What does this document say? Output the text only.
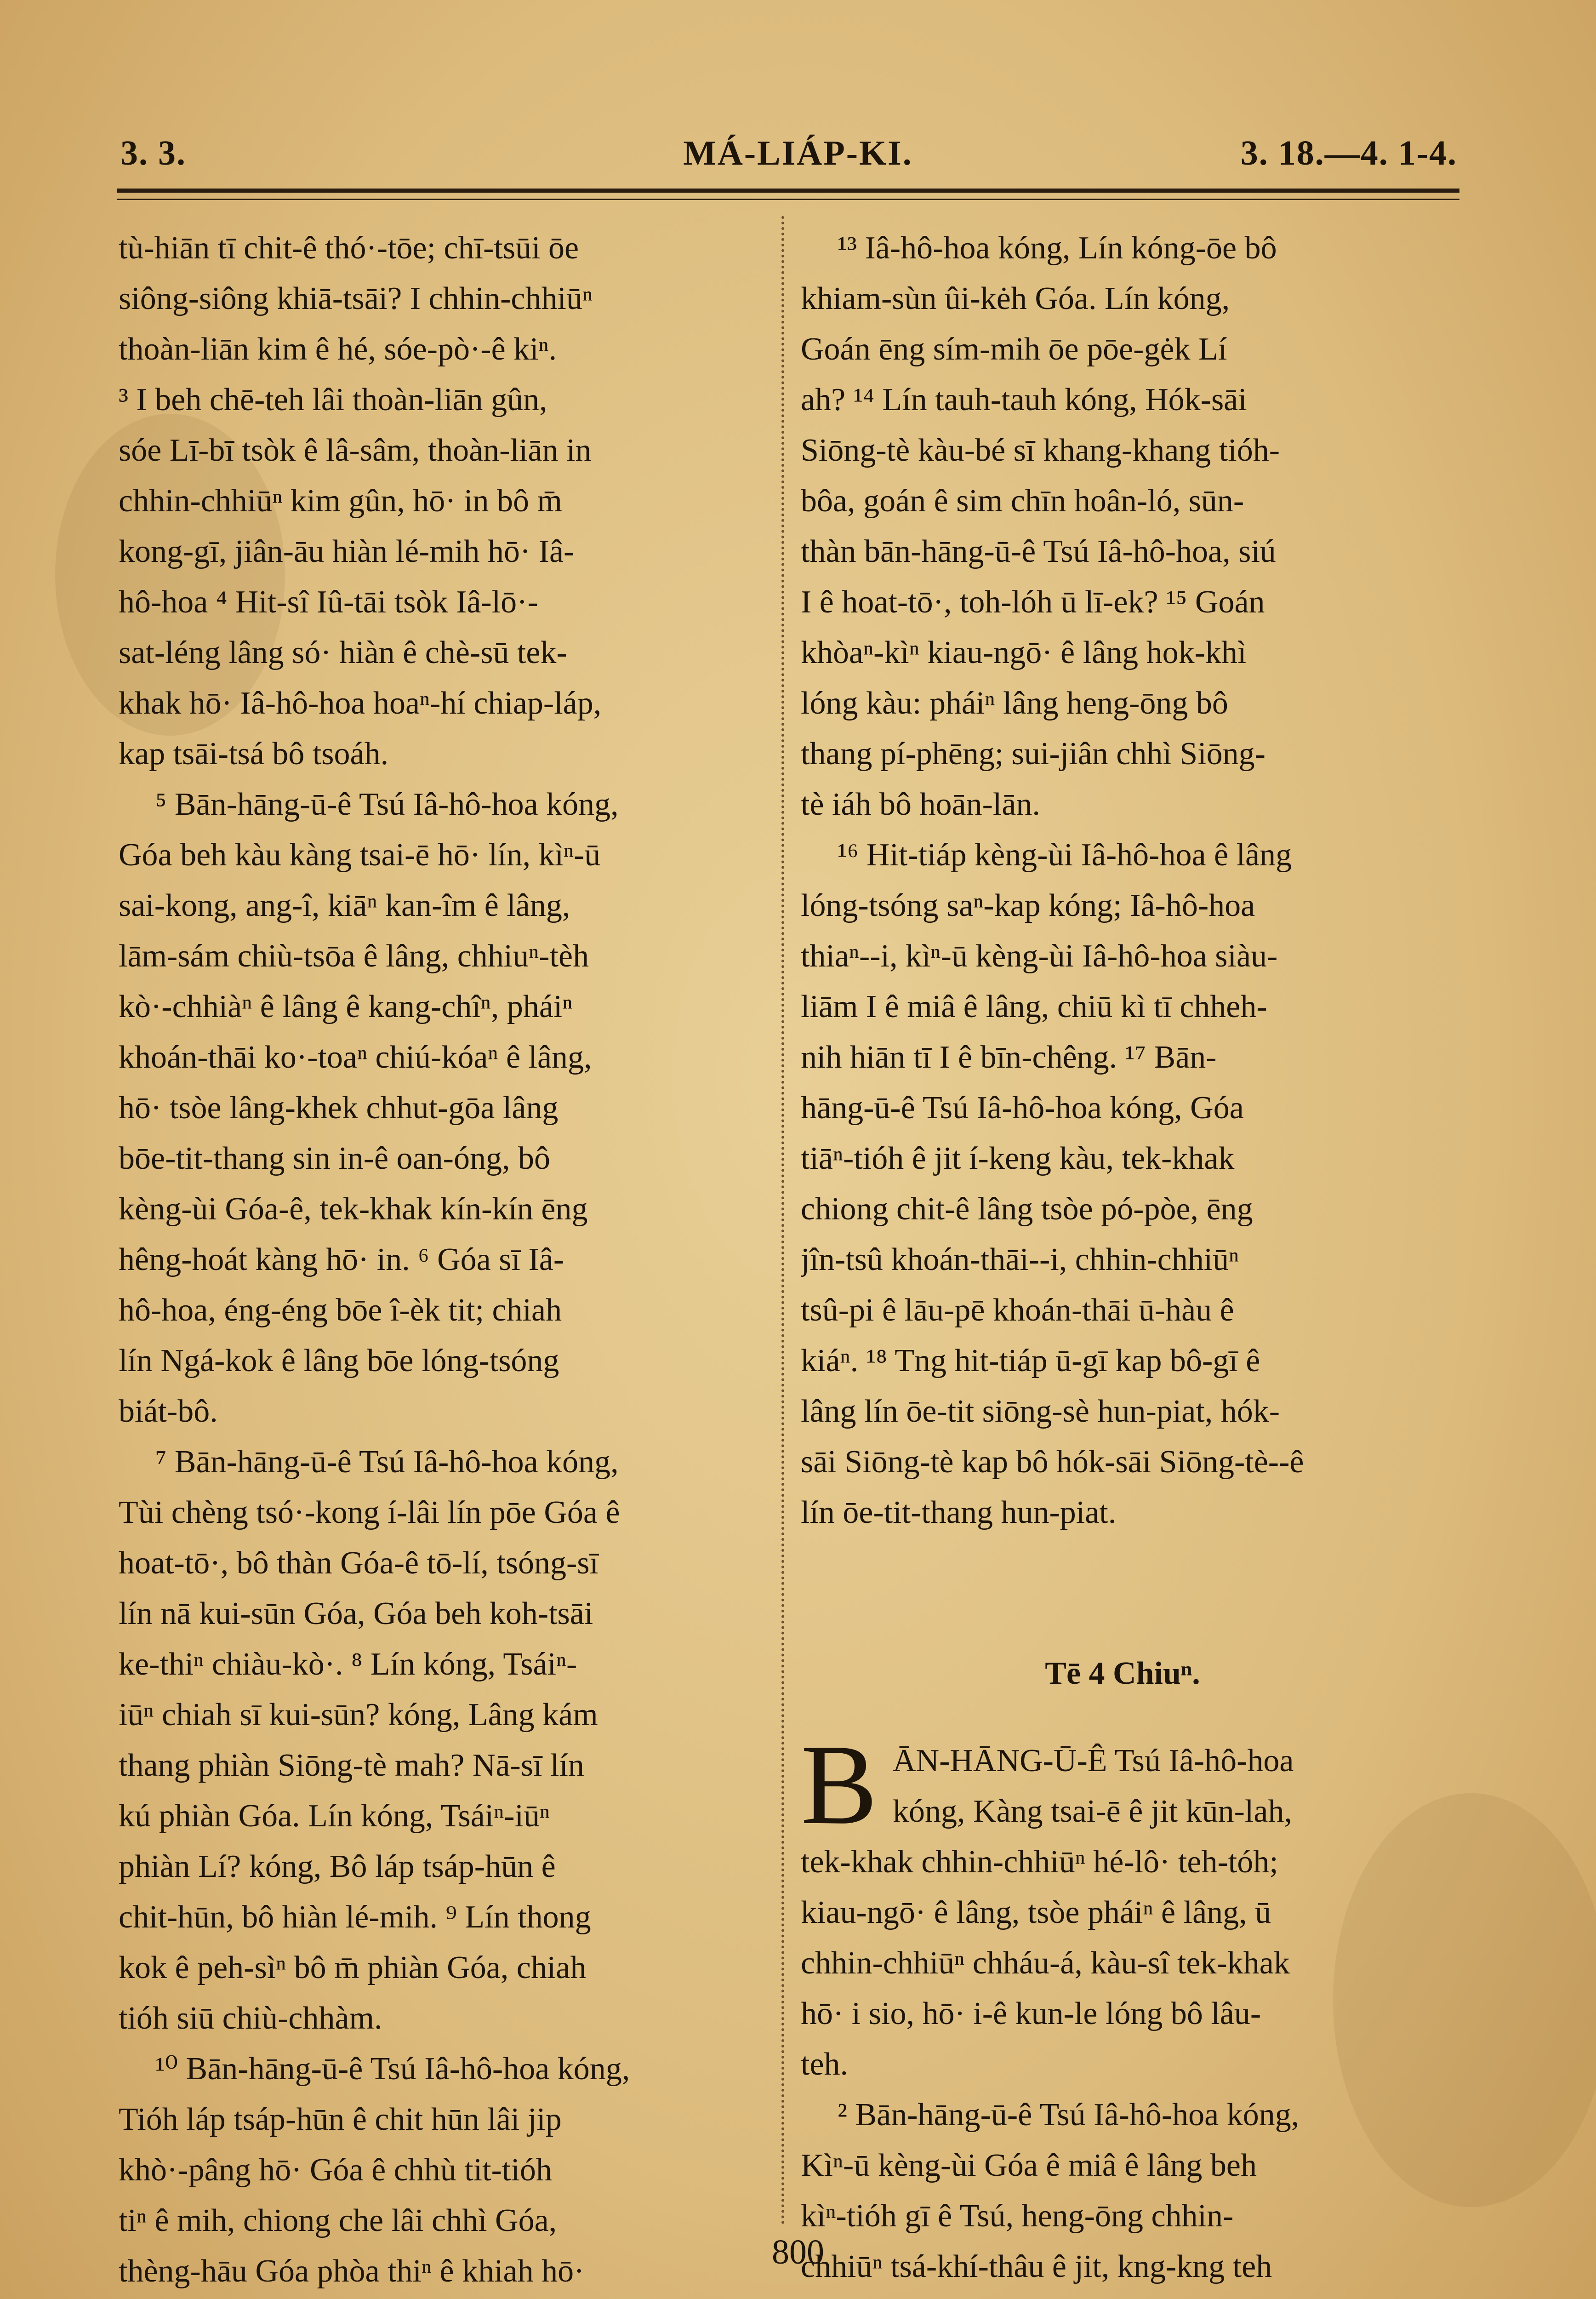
3. 3.	MÁ-LIÁP-KI.	3. 18.—4. 1-4.
tù-hiān tī chit-ê thó·-tōe; chī-tsūi ōe
siông-siông khiā-tsāi? I chhin-chhiūⁿ
thoàn-liān kim ê hé, sóe-pò·-ê kiⁿ.
³ I beh chē-teh lâi thoàn-liān gûn,
sóe Lī-bī tsòk ê lâ-sâm, thoàn-liān in
chhin-chhiūⁿ kim gûn, hō· in bô m̄
kong-gī, jiân-āu hiàn lé-mih hō· Iâ-
hô-hoa ⁴ Hit-sî Iû-tāi tsòk Iâ-lō·-
sat-léng lâng só· hiàn ê chè-sū tek-
khak hō· Iâ-hô-hoa hoaⁿ-hí chiap-láp,
kap tsāi-tsá bô tsoáh.
⁵ Bān-hāng-ū-ê Tsú Iâ-hô-hoa kóng,
Góa beh kàu kàng tsai-ē hō· lín, kìⁿ-ū
sai-kong, ang-î, kiāⁿ kan-îm ê lâng,
lām-sám chiù-tsōa ê lâng, chhiuⁿ-tèh
kò·-chhiàⁿ ê lâng ê kang-chîⁿ, pháiⁿ
khoán-thāi ko·-toaⁿ chiú-kóaⁿ ê lâng,
hō· tsòe lâng-khek chhut-gōa lâng
bōe-tit-thang sin in-ê oan-óng, bô
kèng-ùi Góa-ê, tek-khak kín-kín ēng
hêng-hoát kàng hō· in. ⁶ Góa sī Iâ-
hô-hoa, éng-éng bōe î-èk tit; chiah
lín Ngá-kok ê lâng bōe lóng-tsóng
biát-bô.
⁷ Bān-hāng-ū-ê Tsú Iâ-hô-hoa kóng,
Tùi chèng tsó·-kong í-lâi lín pōe Góa ê
hoat-tō·, bô thàn Góa-ê tō-lí, tsóng-sī
lín nā kui-sūn Góa, Góa beh koh-tsāi
ke-thiⁿ chiàu-kò·. ⁸ Lín kóng, Tsáiⁿ-
iūⁿ chiah sī kui-sūn? kóng, Lâng kám
thang phiàn Siōng-tè mah? Nā-sī lín
kú phiàn Góa. Lín kóng, Tsáiⁿ-iūⁿ
phiàn Lí? kóng, Bô láp tsáp-hūn ê
chit-hūn, bô hiàn lé-mih. ⁹ Lín thong
kok ê peh-sìⁿ bô m̄ phiàn Góa, chiah
tióh siū chiù-chhàm.
¹⁰ Bān-hāng-ū-ê Tsú Iâ-hô-hoa kóng,
Tióh láp tsáp-hūn ê chit hūn lâi jip
khò·-pâng hō· Góa ê chhù tit-tióh
tiⁿ ê mih, chiong che lâi chhì Góa,
thèng-hāu Góa phòa thiⁿ ê khiah hō·
¹³ Iâ-hô-hoa kóng, Lín kóng-ōe bô
khiam-sùn ûi-kėh Góa. Lín kóng,
Goán ēng sím-mih ōe pōe-gėk Lí
ah? ¹⁴ Lín tauh-tauh kóng, Hók-sāi
Siōng-tè kàu-bé sī khang-khang tióh-
bôa, goán ê sim chīn hoân-ló, sūn-
thàn bān-hāng-ū-ê Tsú Iâ-hô-hoa, siú
I ê hoat-tō·, toh-lóh ū lī-ek? ¹⁵ Goán
khòaⁿ-kìⁿ kiau-ngō· ê lâng hok-khì
lóng kàu: pháiⁿ lâng heng-ōng bô
thang pí-phēng; sui-jiân chhì Siōng-
tè iáh bô hoān-lān.
¹⁶ Hit-tiáp kèng-ùi Iâ-hô-hoa ê lâng
lóng-tsóng saⁿ-kap kóng; Iâ-hô-hoa
thiaⁿ--i, kìⁿ-ū kèng-ùi Iâ-hô-hoa siàu-
liām I ê miâ ê lâng, chiū kì tī chheh-
nih hiān tī I ê bīn-chêng. ¹⁷ Bān-
hāng-ū-ê Tsú Iâ-hô-hoa kóng, Góa
tiāⁿ-tióh ê jit í-keng kàu, tek-khak
chiong chit-ê lâng tsòe pó-pòe, ēng
jîn-tsû khoán-thāi--i, chhin-chhiūⁿ
tsû-pi ê lāu-pē khoán-thāi ū-hàu ê
kiáⁿ. ¹⁸ Tng hit-tiáp ū-gī kap bô-gī ê
lâng lín ōe-tit siōng-sè hun-piat, hók-
sāi Siōng-tè kap bô hók-sāi Siōng-tè--ê
lín ōe-tit-thang hun-piat.
Tē 4 Chiuⁿ.
B ĀN-HĀNG-Ū-Ê Tsú Iâ-hô-hoa
kóng, Kàng tsai-ē ê jit kūn-lah,
tek-khak chhin-chhiūⁿ hé-lô· teh-tóh;
kiau-ngō· ê lâng, tsòe pháiⁿ ê lâng, ū
chhin-chhiūⁿ chháu-á, kàu-sî tek-khak
hō· i sio, hō· i-ê kun-le lóng bô lâu-
teh.
² Bān-hāng-ū-ê Tsú Iâ-hô-hoa kóng,
Kìⁿ-ū kèng-ùi Góa ê miâ ê lâng beh
kìⁿ-tióh gī ê Tsú, heng-ōng chhin-
chhiūⁿ tsá-khí-thâu ê jit, kng-kng teh
800
